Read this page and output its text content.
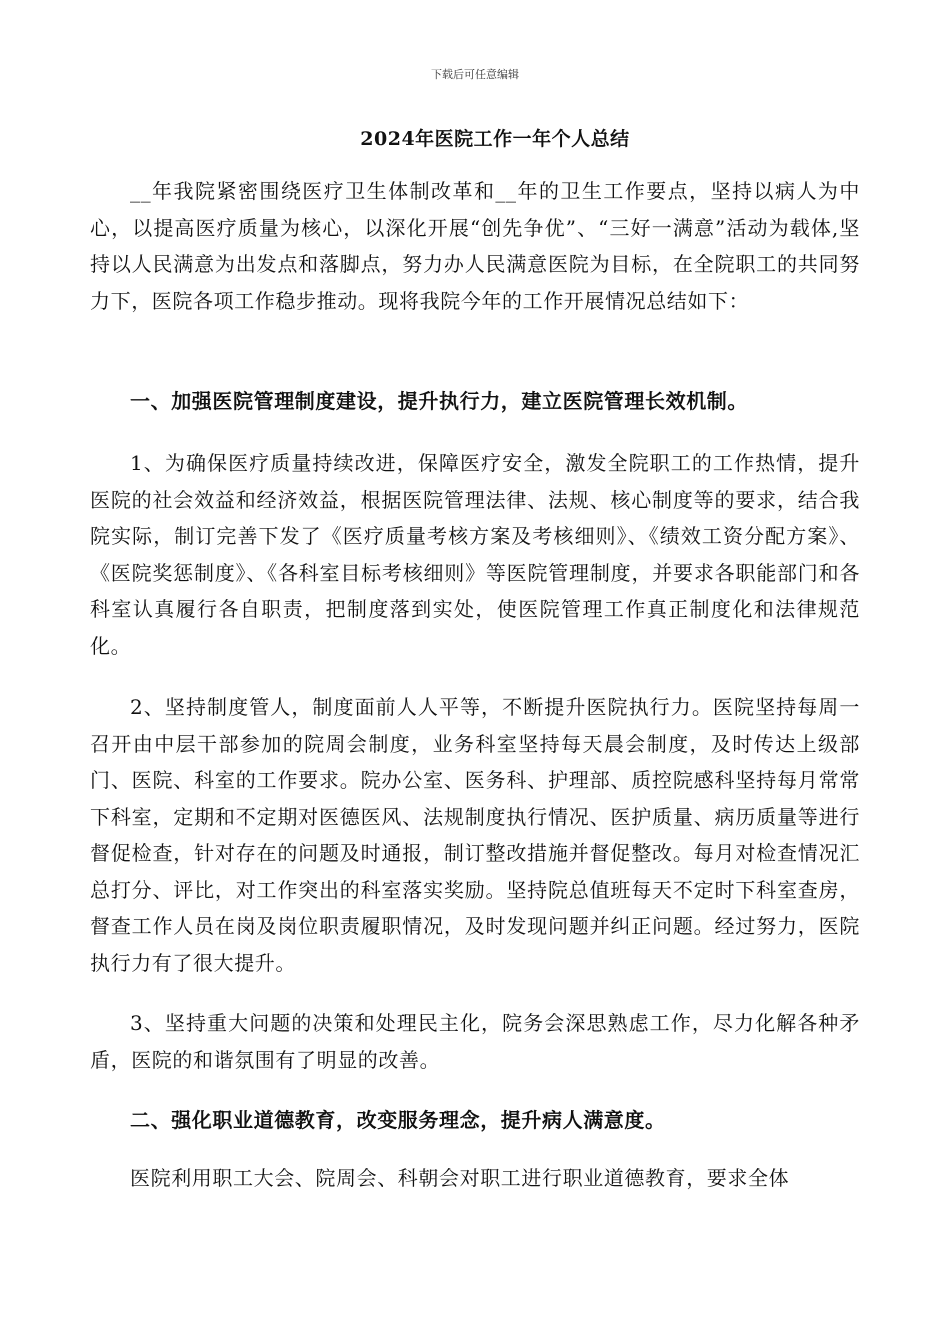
下载后可任意编辑
2024年医院工作一年个人总结
__年我院紧密围绕医疗卫生体制改革和__年的卫生工作要点，坚持以病人为中心，以提高医疗质量为核心，以深化开展“创先争优”、“三好一满意”活动为载体,坚持以人民满意为出发点和落脚点，努力办人民满意医院为目标，在全院职工的共同努力下，医院各项工作稳步推动。现将我院今年的工作开展情况总结如下：
一、加强医院管理制度建设，提升执行力，建立医院管理长效机制。
1、为确保医疗质量持续改进，保障医疗安全，激发全院职工的工作热情，提升医院的社会效益和经济效益，根据医院管理法律、法规、核心制度等的要求，结合我院实际，制订完善下发了《医疗质量考核方案及考核细则》、《绩效工资分配方案》、《医院奖惩制度》、《各科室目标考核细则》等医院管理制度，并要求各职能部门和各科室认真履行各自职责，把制度落到实处，使医院管理工作真正制度化和法律规范化。
2、坚持制度管人，制度面前人人平等，不断提升医院执行力。医院坚持每周一召开由中层干部参加的院周会制度，业务科室坚持每天晨会制度，及时传达上级部门、医院、科室的工作要求。院办公室、医务科、护理部、质控院感科坚持每月常常下科室，定期和不定期对医德医风、法规制度执行情况、医护质量、病历质量等进行督促检查，针对存在的问题及时通报，制订整改措施并督促整改。每月对检查情况汇总打分、评比，对工作突出的科室落实奖励。坚持院总值班每天不定时下科室查房，督查工作人员在岗及岗位职责履职情况，及时发现问题并纠正问题。经过努力，医院执行力有了很大提升。
3、坚持重大问题的决策和处理民主化，院务会深思熟虑工作，尽力化解各种矛盾，医院的和谐氛围有了明显的改善。
二、强化职业道德教育，改变服务理念，提升病人满意度。
医院利用职工大会、院周会、科朝会对职工进行职业道德教育，要求全体
